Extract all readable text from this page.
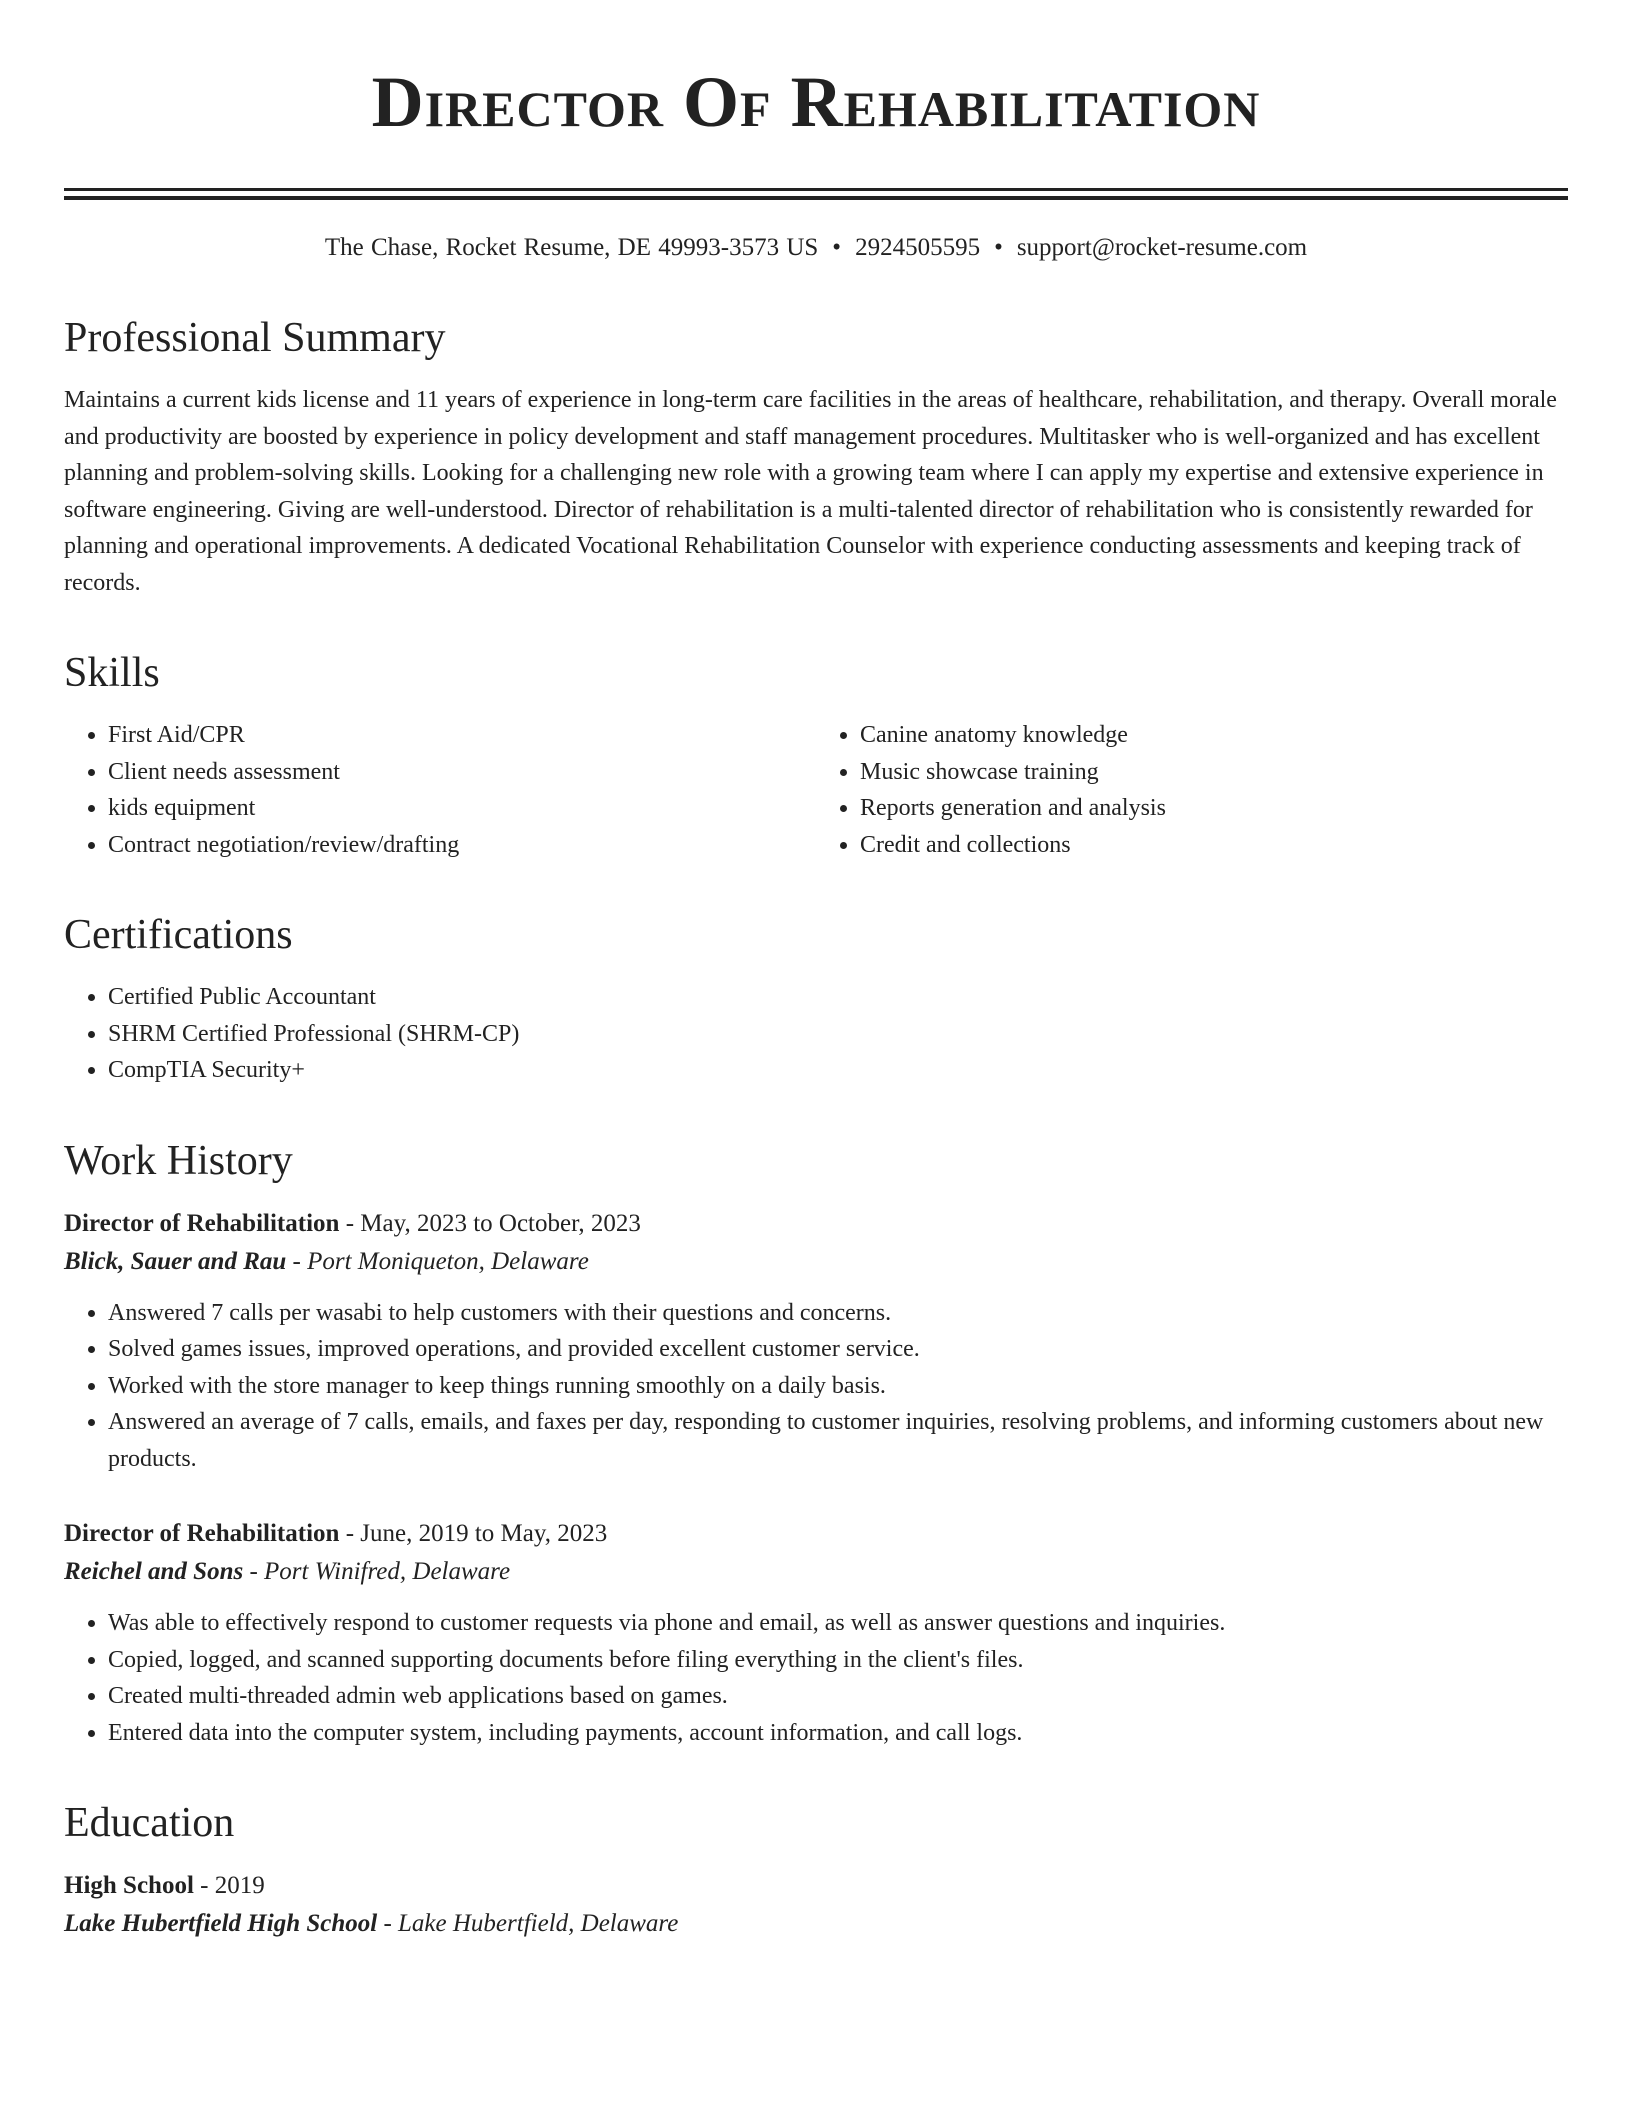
Director Of Rehabilitation
The Chase, Rocket Resume, DE 49993-3573 US • 2924505595 • support@rocket-resume.com
Professional Summary

Maintains a current kids license and 11 years of experience in long-term care facilities in the areas of healthcare, rehabilitation, and therapy. Overall morale and productivity are boosted by experience in policy development and staff management procedures. Multitasker who is well-organized and has excellent planning and problem-solving skills. Looking for a challenging new role with a growing team where I can apply my expertise and extensive experience in software engineering. Giving are well-understood. Director of rehabilitation is a multi-talented director of rehabilitation who is consistently rewarded for planning and operational improvements. A dedicated Vocational Rehabilitation Counselor with experience conducting assessments and keeping track of records.

Skills
• First Aid/CPR
• Client needs assessment
• kids equipment
• Contract negotiation/review/drafting
• Canine anatomy knowledge
• Music showcase training
• Reports generation and analysis
• Credit and collections
Certifications
• Certified Public Accountant
• SHRM Certified Professional (SHRM-CP)
• CompTIA Security+
Work History

Director of Rehabilitation - May, 2023 to October, 2023

Blick, Sauer and Rau - Port Moniqueton, Delaware

• Answered 7 calls per wasabi to help customers with their questions and concerns.
• Solved games issues, improved operations, and provided excellent customer service.
• Worked with the store manager to keep things running smoothly on a daily basis.
• Answered an average of 7 calls, emails, and faxes per day, responding to customer inquiries, resolving problems, and informing customers about new products.

Director of Rehabilitation - June, 2019 to May, 2023

Reichel and Sons - Port Winifred, Delaware

• Was able to effectively respond to customer requests via phone and email, as well as answer questions and inquiries.
• Copied, logged, and scanned supporting documents before filing everything in the client's files.
• Created multi-threaded admin web applications based on games.
• Entered data into the computer system, including payments, account information, and call logs.
Education

High School - 2019

Lake Hubertfield High School - Lake Hubertfield, Delaware
